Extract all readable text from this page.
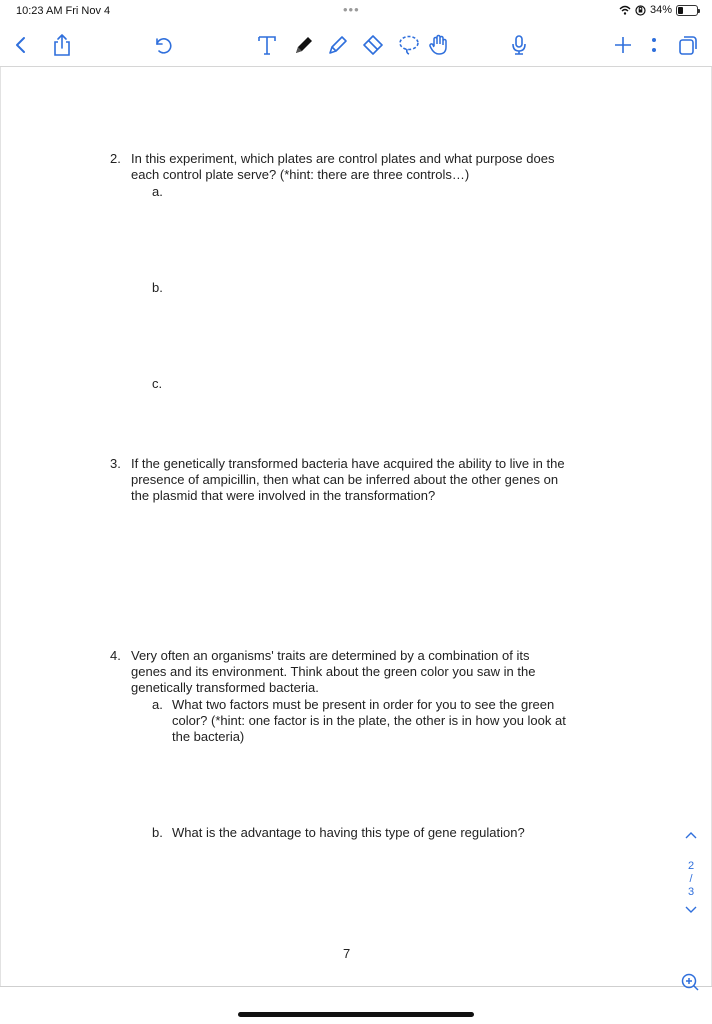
10:23 AM Fri Nov 4	•••	34%
2. In this experiment, which plates are control plates and what purpose does
each control plate serve? (*hint: there are three controls…)
a.
b.
c.
3. If the genetically transformed bacteria have acquired the ability to live in the
presence of ampicillin, then what can be inferred about the other genes on
the plasmid that were involved in the transformation?
4. Very often an organisms' traits are determined by a combination of its
genes and its environment. Think about the green color you saw in the
genetically transformed bacteria.
a. What two factors must be present in order for you to see the green
color? (*hint: one factor is in the plate, the other is in how you look at
the bacteria)
b. What is the advantage to having this type of gene regulation?
7
2
/
3
